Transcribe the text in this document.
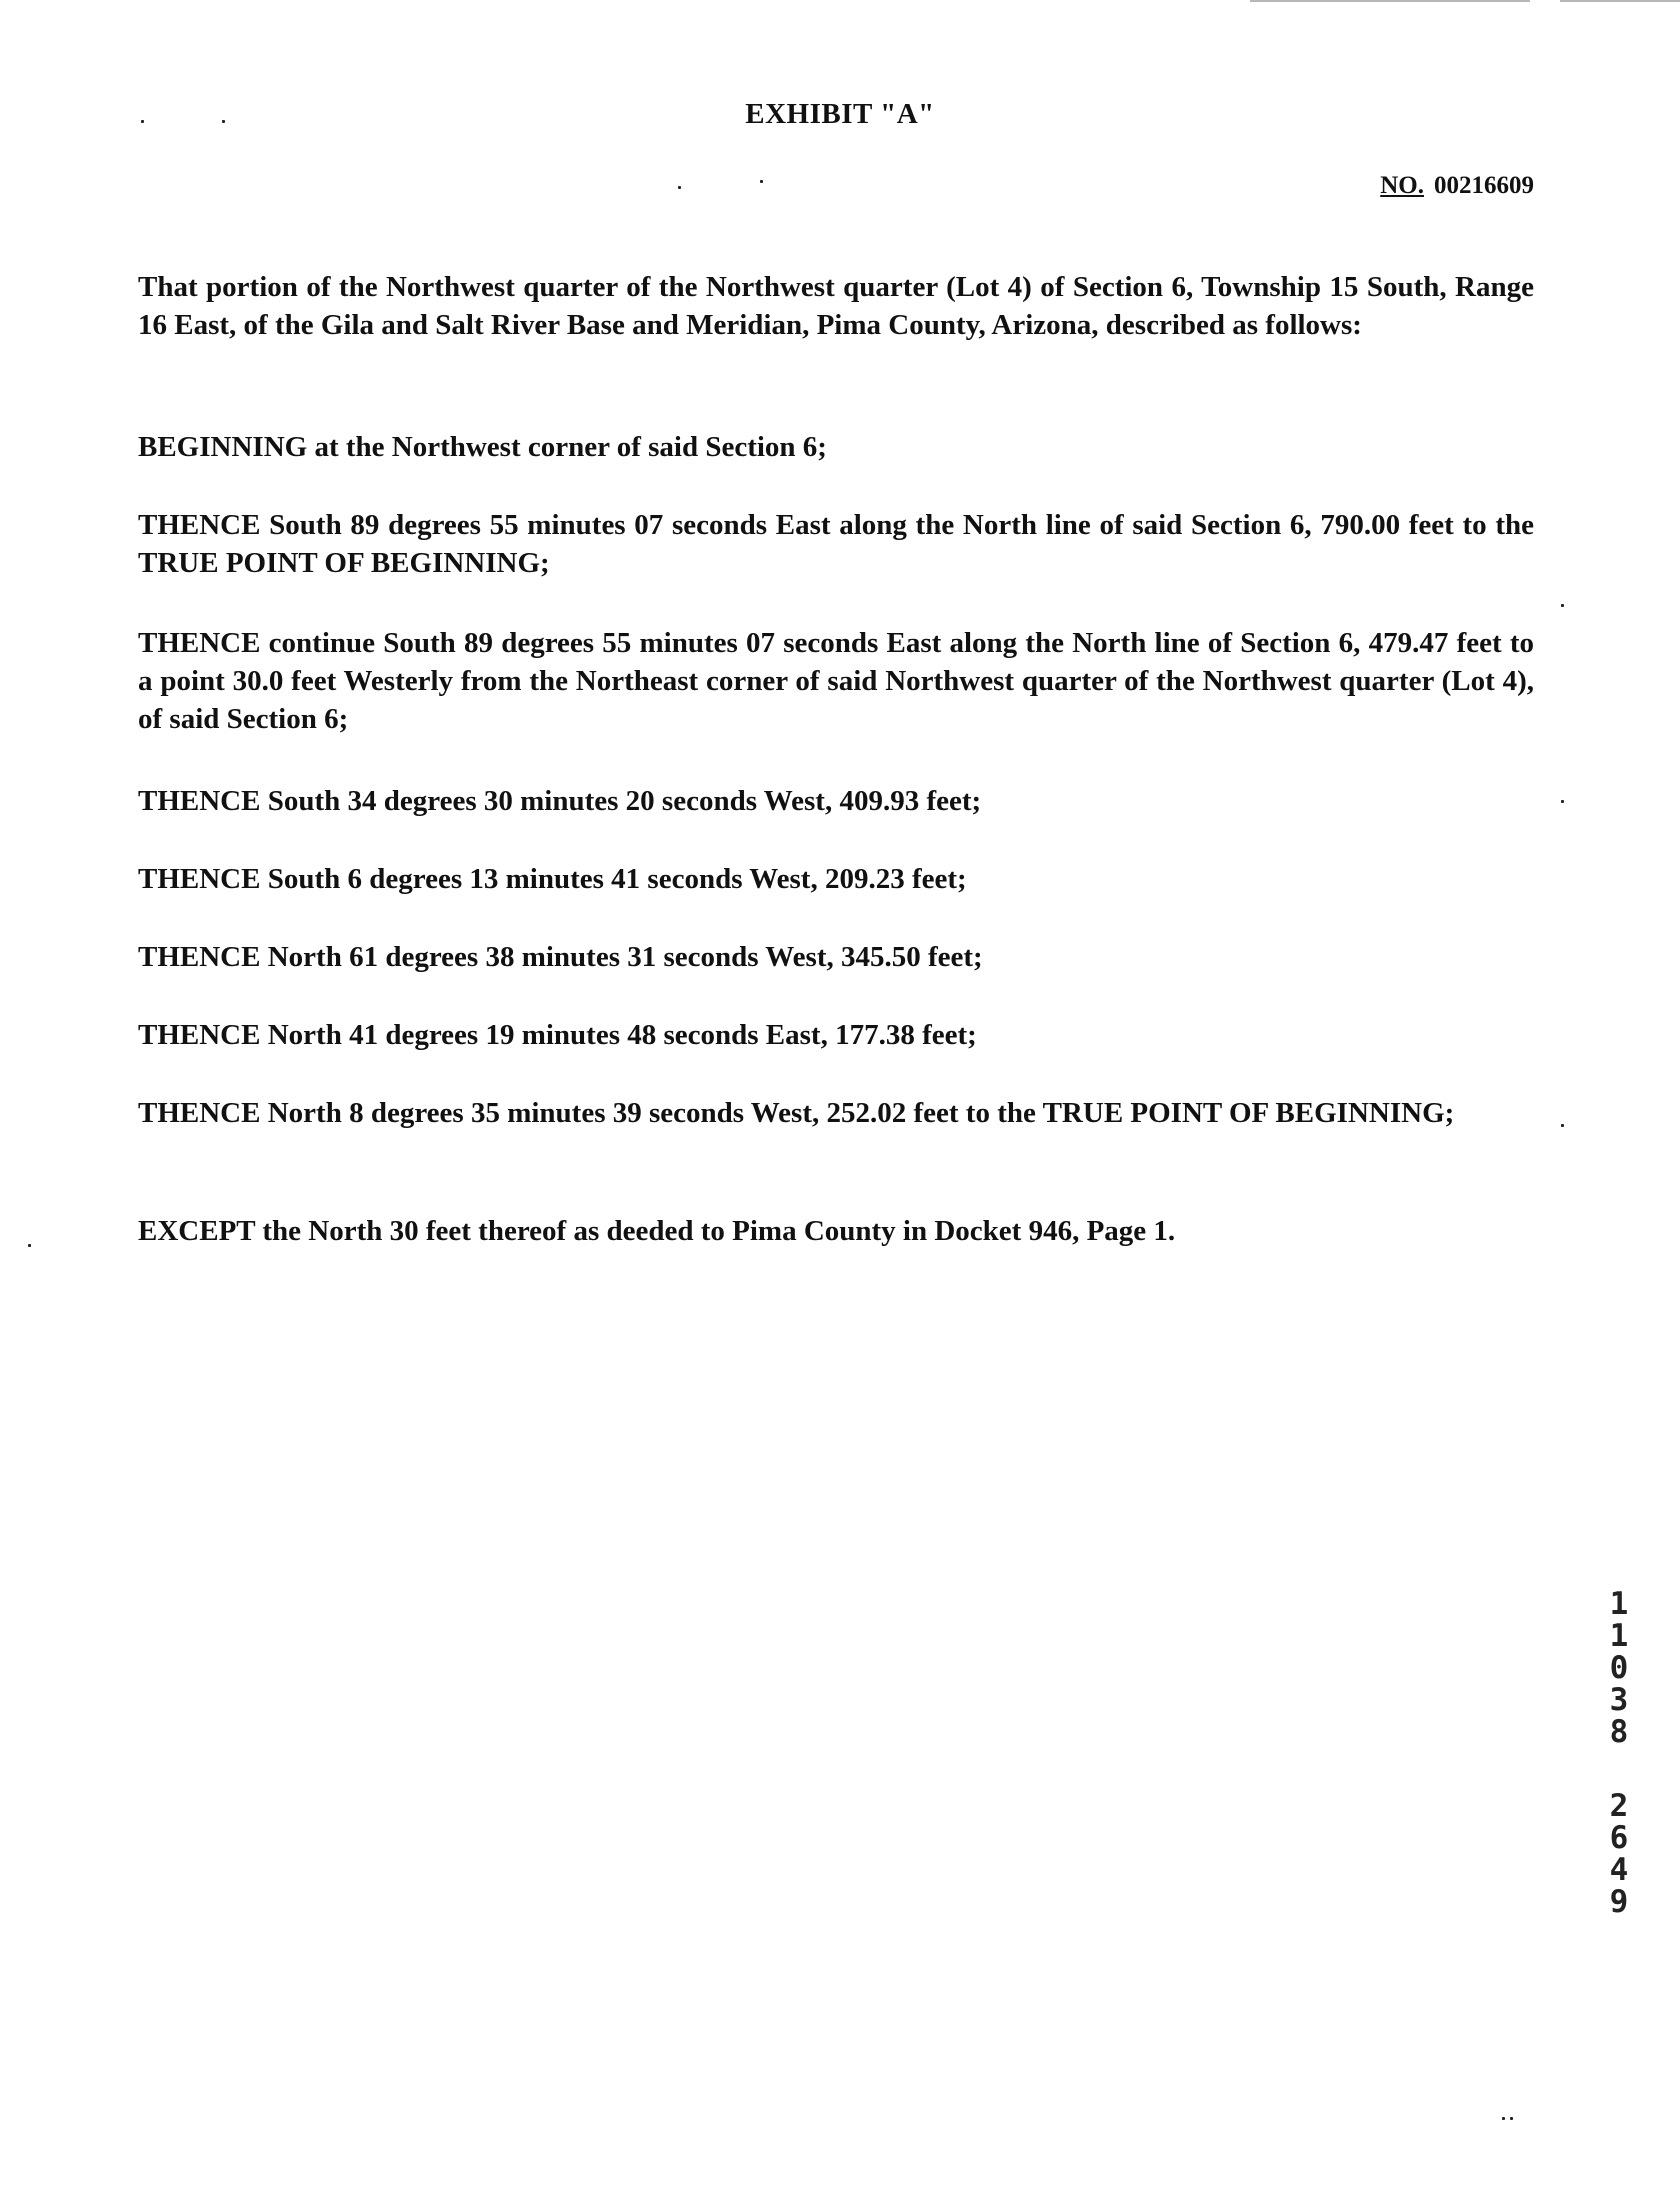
EXHIBIT "A"
NO. 00216609
That portion of the Northwest quarter of the Northwest quarter (Lot 4) of Section 6, Township 15 South, Range 16 East, of the Gila and Salt River Base and Meridian, Pima County, Arizona, described as follows:
BEGINNING at the Northwest corner of said Section 6;
THENCE South 89 degrees 55 minutes 07 seconds East along the North line of said Section 6, 790.00 feet to the TRUE POINT OF BEGINNING;
THENCE continue South 89 degrees 55 minutes 07 seconds East along the North line of Section 6, 479.47 feet to a point 30.0 feet Westerly from the Northeast corner of said Northwest quarter of the Northwest quarter (Lot 4), of said Section 6;
THENCE South 34 degrees 30 minutes 20 seconds West, 409.93 feet;
THENCE South 6 degrees 13 minutes 41 seconds West, 209.23 feet;
THENCE North 61 degrees 38 minutes 31 seconds West, 345.50 feet;
THENCE North 41 degrees 19 minutes 48 seconds East, 177.38 feet;
THENCE North 8 degrees 35 minutes 39 seconds West, 252.02 feet to the TRUE POINT OF BEGINNING;
EXCEPT the North 30 feet thereof as deeded to Pima County in Docket 946, Page 1.
1
1
0
3
8
2
6
4
9
